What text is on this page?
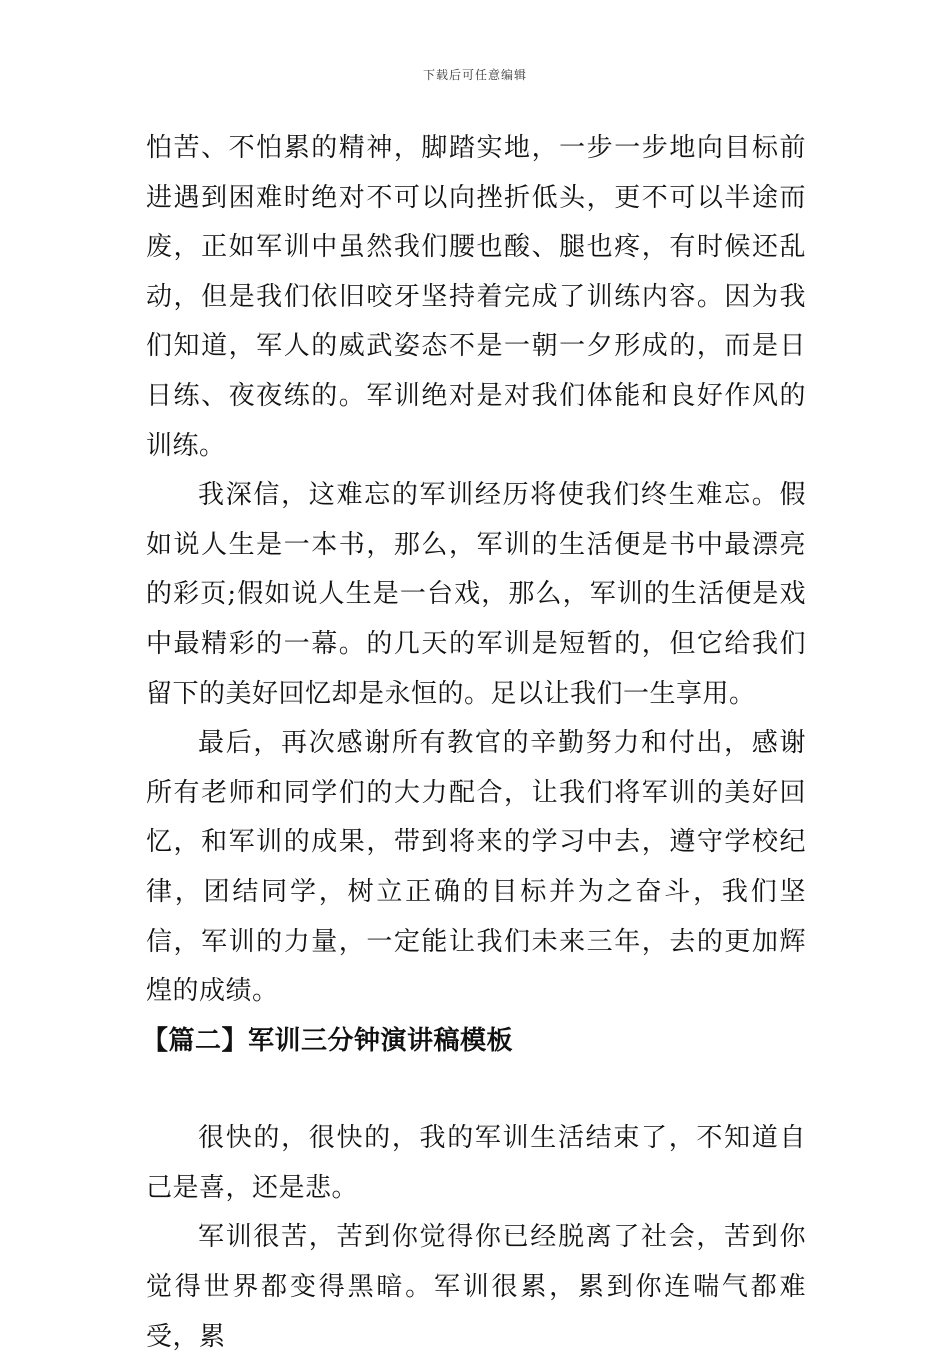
下载后可任意编辑

怕苦、不怕累的精神，脚踏实地，一步一步地向目标前进遇到困难时绝对不可以向挫折低头，更不可以半途而废，正如军训中虽然我们腰也酸、腿也疼，有时候还乱动，但是我们依旧咬牙坚持着完成了训练内容。因为我们知道，军人的威武姿态不是一朝一夕形成的，而是日日练、夜夜练的。军训绝对是对我们体能和良好作风的训练。

我深信，这难忘的军训经历将使我们终生难忘。假如说人生是一本书，那么，军训的生活便是书中最漂亮的彩页;假如说人生是一台戏，那么，军训的生活便是戏中最精彩的一幕。的几天的军训是短暂的，但它给我们留下的美好回忆却是永恒的。足以让我们一生享用。

最后，再次感谢所有教官的辛勤努力和付出，感谢所有老师和同学们的大力配合，让我们将军训的美好回忆，和军训的成果，带到将来的学习中去，遵守学校纪律，团结同学，树立正确的目标并为之奋斗，我们坚信，军训的力量，一定能让我们未来三年，去的更加辉煌的成绩。

【篇二】军训三分钟演讲稿模板

很快的，很快的，我的军训生活结束了，不知道自己是喜，还是悲。

军训很苦，苦到你觉得你已经脱离了社会，苦到你觉得世界都变得黑暗。军训很累，累到你连喘气都难受，累
